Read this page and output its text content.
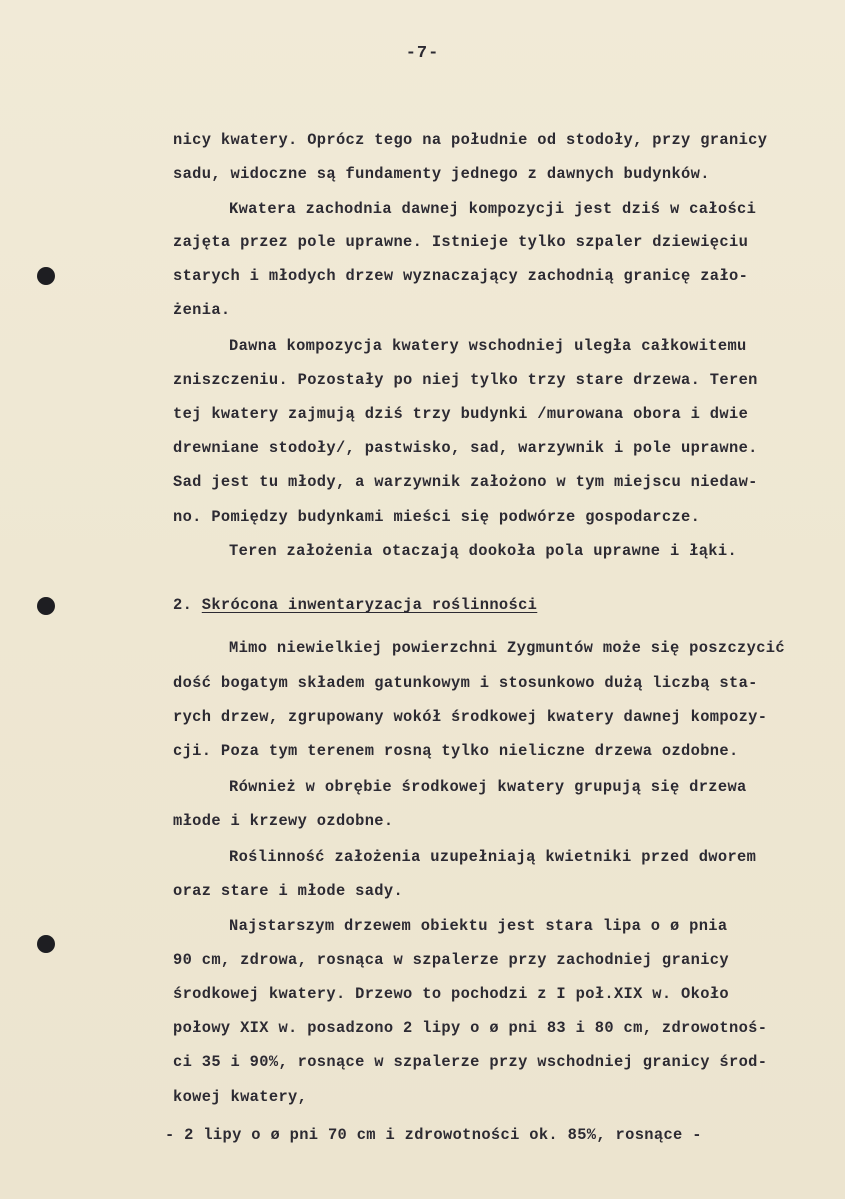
-7-
nicy kwatery. Oprócz tego na południe od stodoły, przy granicy
sadu, widoczne są fundamenty jednego z dawnych budynków.
Kwatera zachodnia dawnej kompozycji jest dziś w całości
zajęta przez pole uprawne. Istnieje tylko szpaler dziewięciu
starych i młodych drzew wyznaczający zachodnią granicę zało-
żenia.
Dawna kompozycja kwatery wschodniej uległa całkowitemu
zniszczeniu. Pozostały po niej tylko trzy stare drzewa. Teren
tej kwatery zajmują dziś trzy budynki /murowana obora i dwie
drewniane stodoły/, pastwisko, sad, warzywnik i pole uprawne.
Sad jest tu młody, a warzywnik założono w tym miejscu niedaw-
no. Pomiędzy budynkami mieści się podwórze gospodarcze.
Teren założenia otaczają dookoła pola uprawne i łąki.
2. Skrócona inwentaryzacja roślinności
Mimo niewielkiej powierzchni Zygmuntów może się poszczycić
dość bogatym składem gatunkowym i stosunkowo dużą liczbą sta-
rych drzew, zgrupowany wokół środkowej kwatery dawnej kompozy-
cji. Poza tym terenem rosną tylko nieliczne drzewa ozdobne.
Również w obrębie środkowej kwatery grupują się drzewa
młode i krzewy ozdobne.
Roślinność założenia uzupełniają kwietniki przed dworem
oraz stare i młode sady.
Najstarszym drzewem obiektu jest stara lipa o ø pnia
90 cm, zdrowa, rosnąca w szpalerze przy zachodniej granicy
środkowej kwatery. Drzewo to pochodzi z I poł.XIX w. Około
połowy XIX w. posadzono 2 lipy o ø pni 83 i 80 cm, zdrowotnoś-
ci 35 i 90%, rosnące w szpalerze przy wschodniej granicy środ-
kowej kwatery,
- 2 lipy o ø pni 70 cm i zdrowotności ok. 85%, rosnące -
